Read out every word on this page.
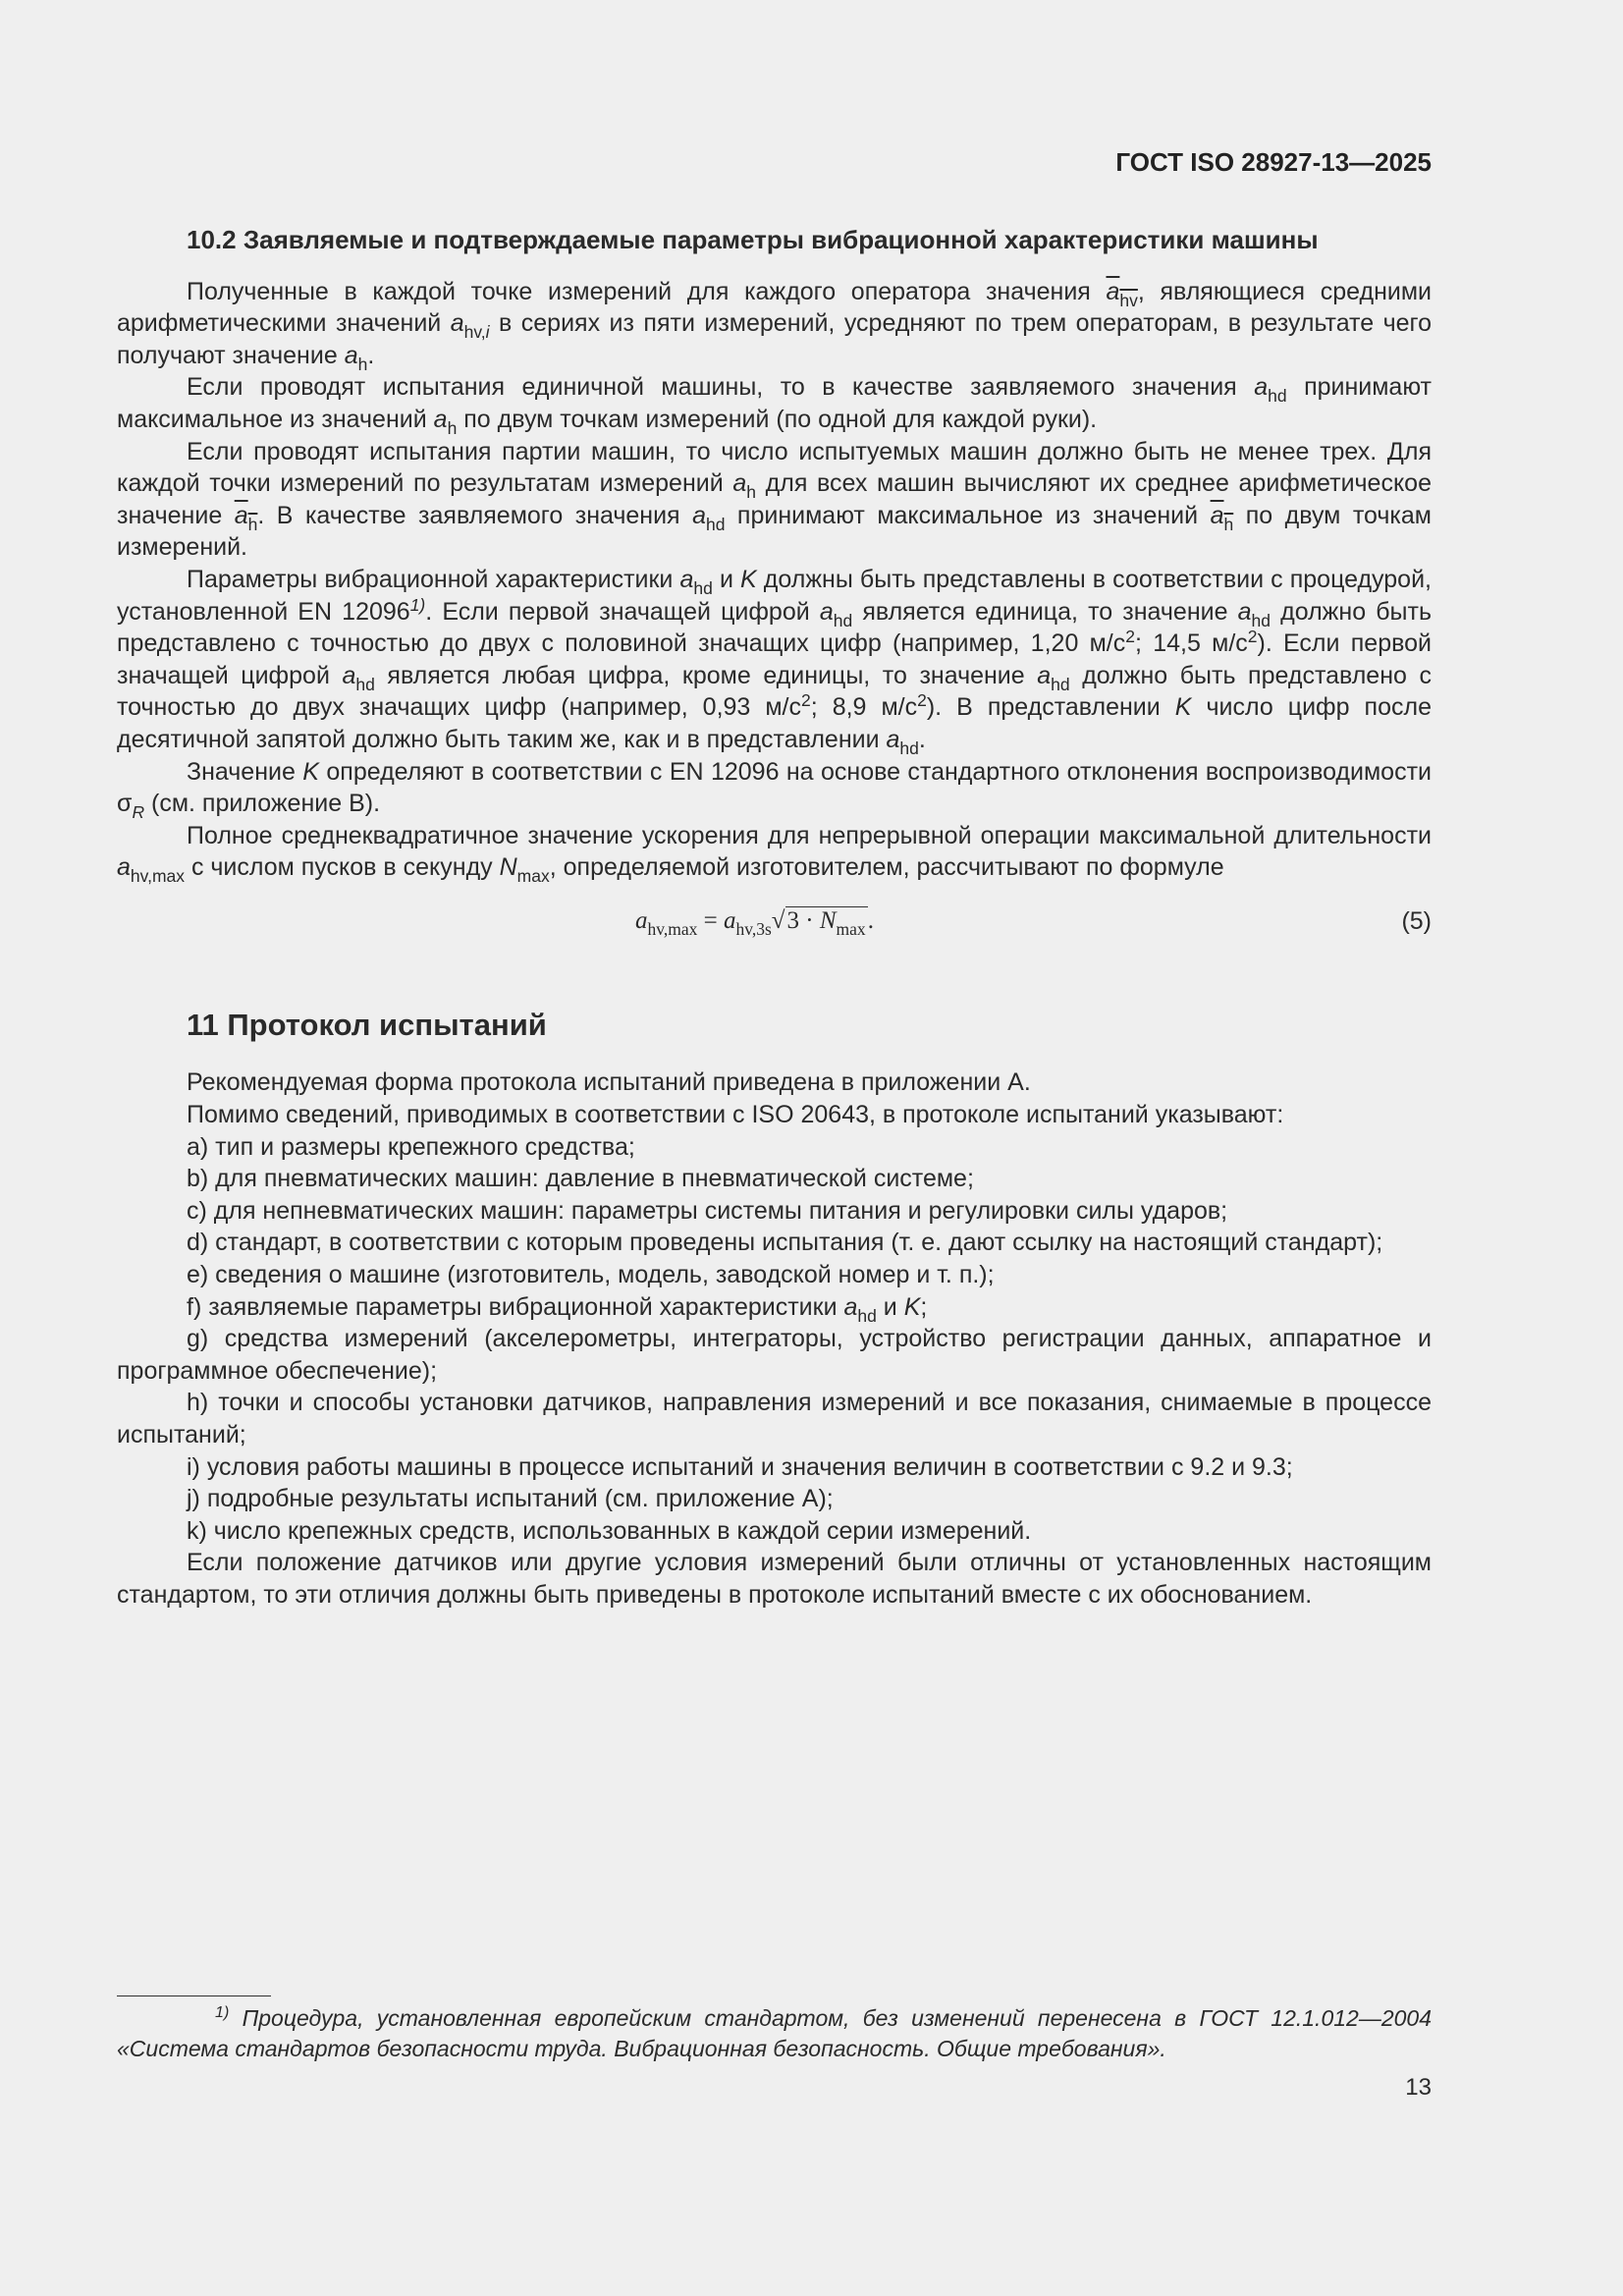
ГОСТ ISO 28927-13—2025
10.2 Заявляемые и подтверждаемые параметры вибрационной характеристики машины

Полученные в каждой точке измерений для каждого оператора значения $a_{hv}$, являющиеся средними арифметическими значений $a_{hv,i}$ в сериях из пяти измерений, усредняют по трем операторам, в результате чего получают значение $a_h$.

Если проводят испытания единичной машины, то в качестве заявляемого значения $a_{hd}$ принимают максимальное из значений $a_h$ по двум точкам измерений (по одной для каждой руки).

Если проводят испытания партии машин, то число испытуемых машин должно быть не менее трех. Для каждой точки измерений по результатам измерений $a_h$ для всех машин вычисляют их среднее арифметическое значение $a_h$. В качестве заявляемого значения $a_{hd}$ принимают максимальное из значений $a_h$ по двум точкам измерений.

Параметры вибрационной характеристики $a_{hd}$ и K должны быть представлены в соответствии с процедурой, установленной EN 12096$^{1)}$. Если первой значащей цифрой $a_{hd}$ является единица, то значение $a_{hd}$ должно быть представлено с точностью до двух с половиной значащих цифр (например, 1,20 $м/с^2$; 14,5 $м/с^2$). Если первой значащей цифрой $a_{hd}$ является любая цифра, кроме единицы, то значение $a_{hd}$ должно быть представлено с точностью до двух значащих цифр (например, 0,93 $м/с^2$; 8,9 $м/с^2$). В представлении K число цифр после десятичной запятой должно быть таким же, как и в представлении $a_{hd}$.

Значение K определяют в соответствии с EN 12096 на основе стандартного отклонения воспроизводимости $\sigma_R$ (см. приложение В).

Полное среднеквадратичное значение ускорения для непрерывной операции максимальной длительности $a_{hv,max}$ с числом пусков в секунду $N_{max}$, определяемой изготовителем, рассчитывают по формуле

$a_{hv,max} = a_{hv,3s}√3 \cdot N_{max}$.	(5)
11 Протокол испытаний

Рекомендуемая форма протокола испытаний приведена в приложении А.

Помимо сведений, приводимых в соответствии с ISO 20643, в протоколе испытаний указывают:

a) тип и размеры крепежного средства;

b) для пневматических машин: давление в пневматической системе;

c) для непневматических машин: параметры системы питания и регулировки силы ударов;

d) стандарт, в соответствии с которым проведены испытания (т. е. дают ссылку на настоящий стандарт);

e) сведения о машине (изготовитель, модель, заводской номер и т. п.);

f) заявляемые параметры вибрационной характеристики $a_{hd}$ и K;

g) средства измерений (акселерометры, интеграторы, устройство регистрации данных, аппаратное и программное обеспечение);

h) точки и способы установки датчиков, направления измерений и все показания, снимаемые в процессе испытаний;

i) условия работы машины в процессе испытаний и значения величин в соответствии с 9.2 и 9.3;

j) подробные результаты испытаний (см. приложение А);

k) число крепежных средств, использованных в каждой серии измерений.

Если положение датчиков или другие условия измерений были отличны от установленных настоящим стандартом, то эти отличия должны быть приведены в протоколе испытаний вместе с их обоснованием.

$^{1)}$ Процедура, установленная европейским стандартом, без изменений перенесена в ГОСТ 12.1.012—2004 «Система стандартов безопасности труда. Вибрационная безопасность. Общие требования».
13
